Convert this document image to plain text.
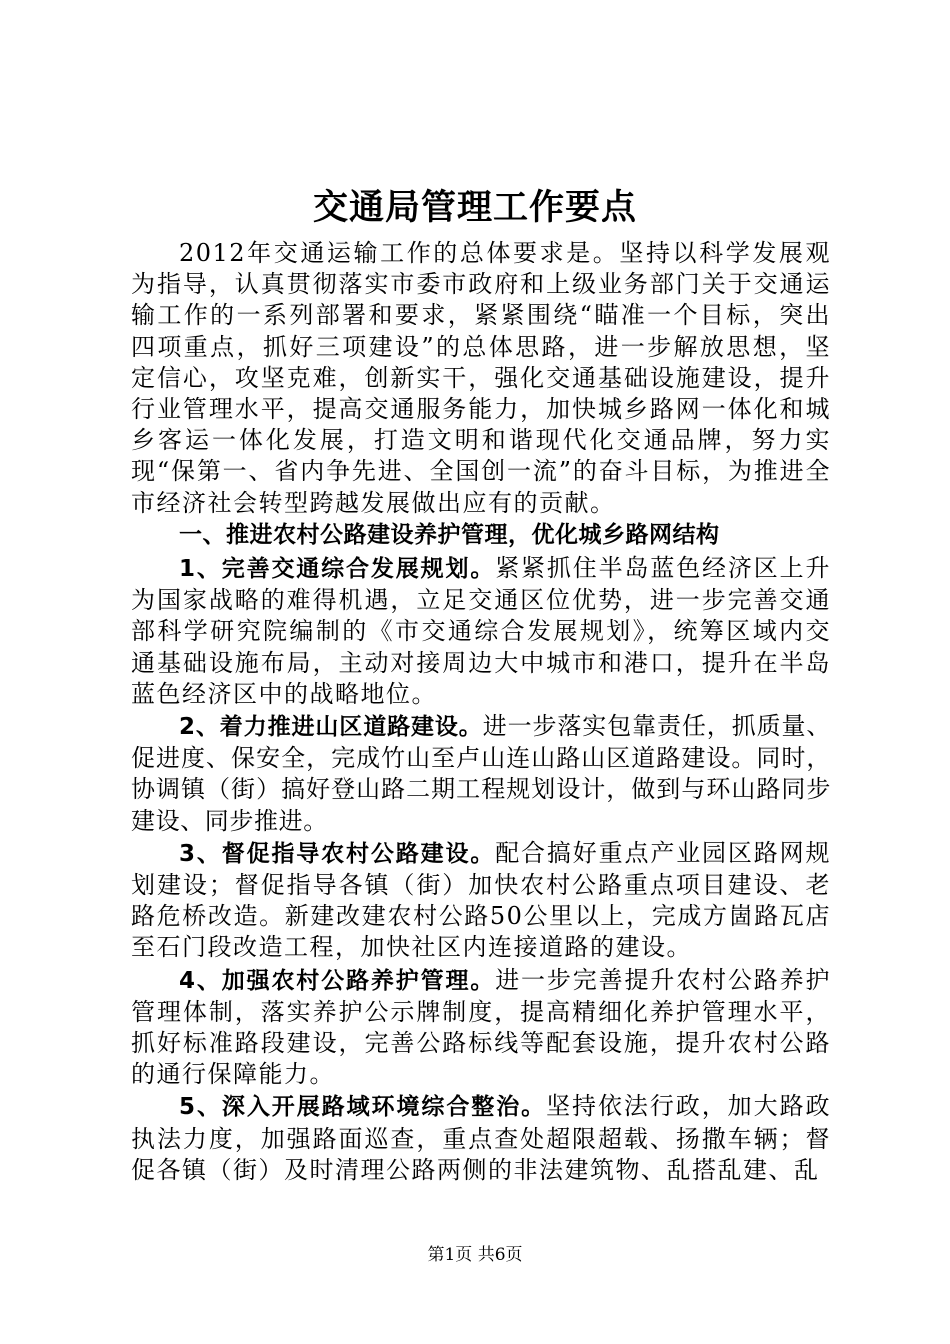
交通局管理工作要点

2012年交通运输工作的总体要求是。坚持以科学发展观为指导，认真贯彻落实市委市政府和上级业务部门关于交通运输工作的一系列部署和要求，紧紧围绕“瞄准一个目标，突出四项重点，抓好三项建设”的总体思路，进一步解放思想，坚定信心，攻坚克难，创新实干，强化交通基础设施建设，提升行业管理水平，提高交通服务能力，加快城乡路网一体化和城乡客运一体化发展，打造文明和谐现代化交通品牌，努力实现“保第一、省内争先进、全国创一流”的奋斗目标，为推进全市经济社会转型跨越发展做出应有的贡献。

一、推进农村公路建设养护管理，优化城乡路网结构

1、完善交通综合发展规划。紧紧抓住半岛蓝色经济区上升为国家战略的难得机遇，立足交通区位优势，进一步完善交通部科学研究院编制的《市交通综合发展规划》，统筹区域内交通基础设施布局，主动对接周边大中城市和港口，提升在半岛蓝色经济区中的战略地位。

2、着力推进山区道路建设。进一步落实包靠责任，抓质量、促进度、保安全，完成竹山至卢山连山路山区道路建设。同时，协调镇（街）搞好登山路二期工程规划设计，做到与环山路同步建设、同步推进。

3、督促指导农村公路建设。配合搞好重点产业园区路网规划建设；督促指导各镇（街）加快农村公路重点项目建设、老路危桥改造。新建改建农村公路50公里以上，完成方崮路瓦店至石门段改造工程，加快社区内连接道路的建设。

4、加强农村公路养护管理。进一步完善提升农村公路养护管理体制，落实养护公示牌制度，提高精细化养护管理水平，抓好标准路段建设，完善公路标线等配套设施，提升农村公路的通行保障能力。

5、深入开展路域环境综合整治。坚持依法行政，加大路政执法力度，加强路面巡查，重点查处超限超载、扬撒车辆；督促各镇（街）及时清理公路两侧的非法建筑物、乱搭乱建、乱

第1页 共6页
